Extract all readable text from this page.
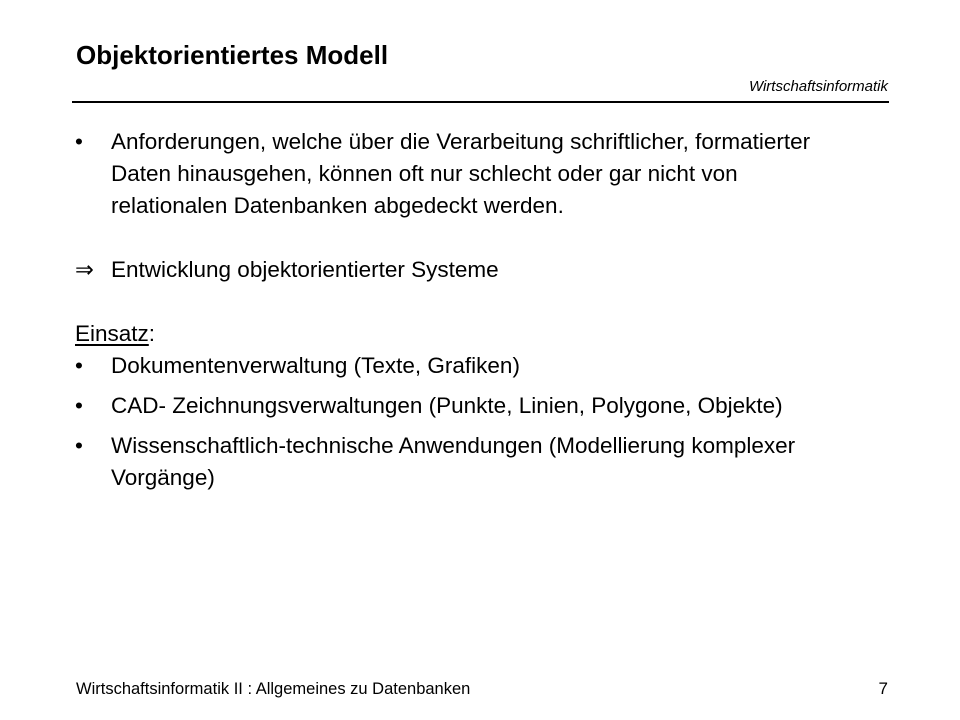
Objektorientiertes Modell
Wirtschaftsinformatik
•	Anforderungen, welche über die Verarbeitung schriftlicher, formatierter Daten hinausgehen, können oft nur schlecht oder gar nicht von relationalen Datenbanken abgedeckt werden.
⇒ Entwicklung objektorientierter Systeme
Einsatz :
•	Dokumentenverwaltung (Texte, Grafiken)
•	CAD- Zeichnungsverwaltungen (Punkte, Linien, Polygone, Objekte)
•	Wissenschaftlich-technische Anwendungen (Modellierung komplexer Vorgänge)
Wirtschaftsinformatik II : Allgemeines zu Datenbanken	7
